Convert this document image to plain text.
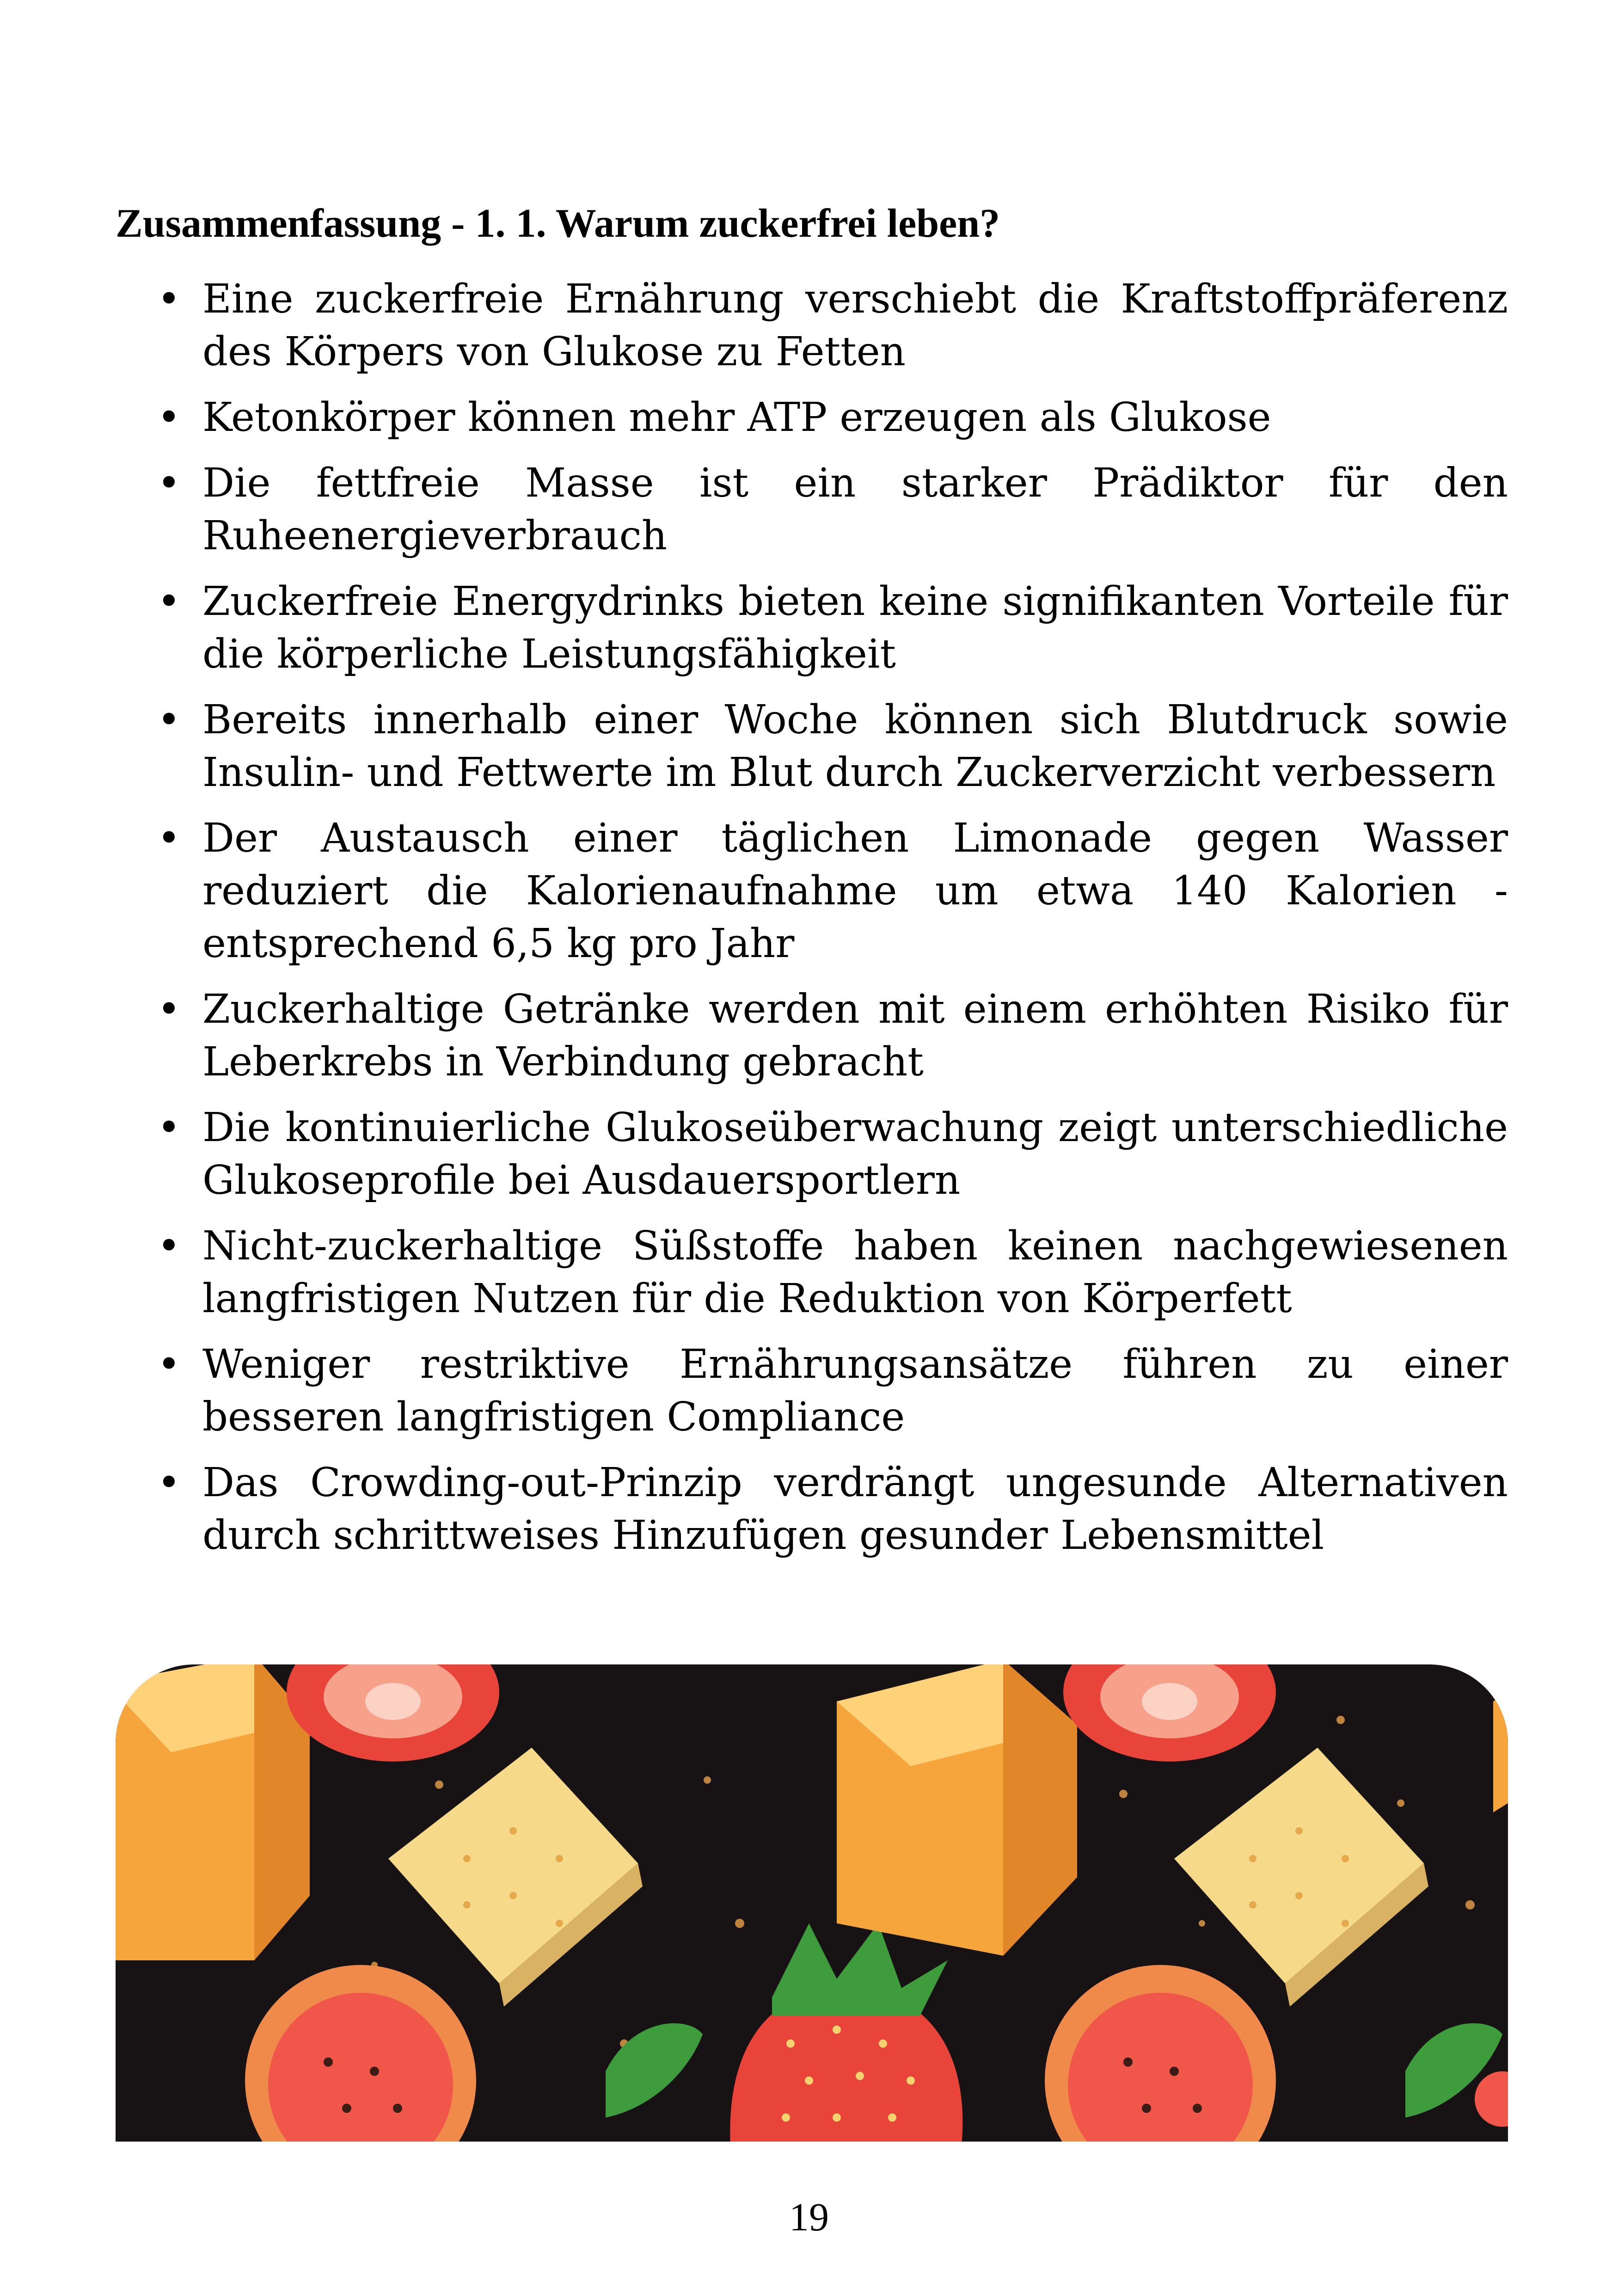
Zusammenfassung - 1. 1. Warum zuckerfrei leben?
• Eine zuckerfreie Ernährung verschiebt die Kraftstoffpräferenz des Körpers von Glukose zu Fetten
• Ketonkörper können mehr ATP erzeugen als Glukose
• Die fettfreie Masse ist ein starker Prädiktor für den Ruheenergieverbrauch
• Zuckerfreie Energydrinks bieten keine signifikanten Vorteile für die körperliche Leistungsfähigkeit
• Bereits innerhalb einer Woche können sich Blutdruck sowie Insulin- und Fettwerte im Blut durch Zuckerverzicht verbessern
• Der Austausch einer täglichen Limonade gegen Wasser reduziert die Kalorienaufnahme um etwa 140 Kalorien - entsprechend 6,5 kg pro Jahr
• Zuckerhaltige Getränke werden mit einem erhöhten Risiko für Leberkrebs in Verbindung gebracht
• Die kontinuierliche Glukoseüberwachung zeigt unterschiedliche Glukoseprofile bei Ausdauersportlern
• Nicht-zuckerhaltige Süßstoffe haben keinen nachgewiesenen langfristigen Nutzen für die Reduktion von Körperfett
• Weniger restriktive Ernährungsansätze führen zu einer besseren langfristigen Compliance
• Das Crowding-out-Prinzip verdrängt ungesunde Alternativen durch schrittweises Hinzufügen gesunder Lebensmittel
19
